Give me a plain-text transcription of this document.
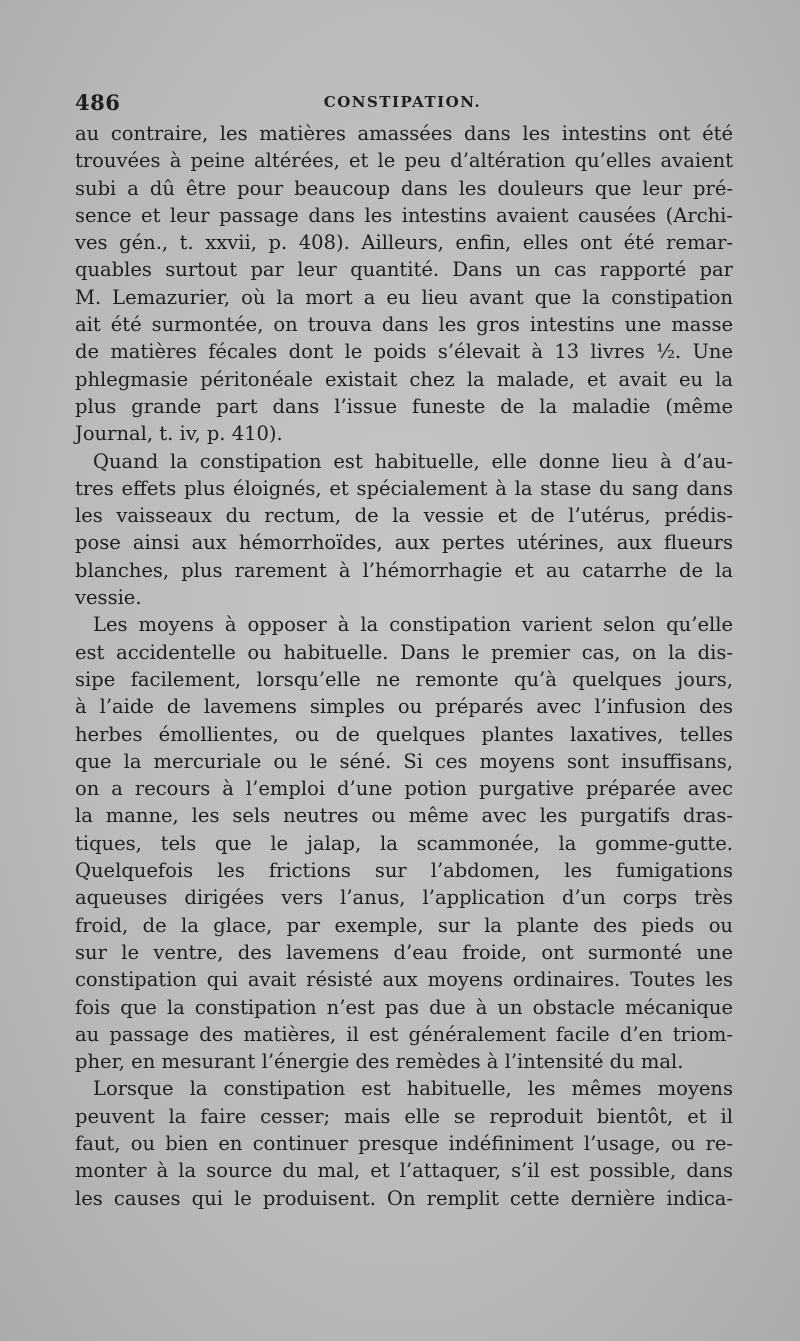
486	CONSTIPATION.
au contraire, les matières amassées dans les intestins ont été
trouvées à peine altérées, et le peu d’altération qu’elles avaient
subi a dû être pour beaucoup dans les douleurs que leur pré-
sence et leur passage dans les intestins avaient causées (Archi-
ves gén., t. xxvii, p. 408). Ailleurs, enfin, elles ont été remar-
quables surtout par leur quantité. Dans un cas rapporté par
M. Lemazurier, où la mort a eu lieu avant que la constipation
ait été surmontée, on trouva dans les gros intestins une masse
de matières fécales dont le poids s’élevait à 13 livres ½. Une
phlegmasie péritonéale existait chez la malade, et avait eu la
plus grande part dans l’issue funeste de la maladie (même
Journal, t. iv, p. 410).
Quand la constipation est habituelle, elle donne lieu à d’au-
tres effets plus éloignés, et spécialement à la stase du sang dans
les vaisseaux du rectum, de la vessie et de l’utérus, prédis-
pose ainsi aux hémorrhoïdes, aux pertes utérines, aux flueurs
blanches, plus rarement à l’hémorrhagie et au catarrhe de la
vessie.
Les moyens à opposer à la constipation varient selon qu’elle
est accidentelle ou habituelle. Dans le premier cas, on la dis-
sipe facilement, lorsqu’elle ne remonte qu’à quelques jours,
à l’aide de lavemens simples ou préparés avec l’infusion des
herbes émollientes, ou de quelques plantes laxatives, telles
que la mercuriale ou le séné. Si ces moyens sont insuffisans,
on a recours à l’emploi d’une potion purgative préparée avec
la manne, les sels neutres ou même avec les purgatifs dras-
tiques, tels que le jalap, la scammonée, la gomme-gutte.
Quelquefois les frictions sur l’abdomen, les fumigations
aqueuses dirigées vers l’anus, l’application d’un corps très
froid, de la glace, par exemple, sur la plante des pieds ou
sur le ventre, des lavemens d’eau froide, ont surmonté une
constipation qui avait résisté aux moyens ordinaires. Toutes les
fois que la constipation n’est pas due à un obstacle mécanique
au passage des matières, il est généralement facile d’en triom-
pher, en mesurant l’énergie des remèdes à l’intensité du mal.
Lorsque la constipation est habituelle, les mêmes moyens
peuvent la faire cesser; mais elle se reproduit bientôt, et il
faut, ou bien en continuer presque indéfiniment l’usage, ou re-
monter à la source du mal, et l’attaquer, s’il est possible, dans
les causes qui le produisent. On remplit cette dernière indica-
